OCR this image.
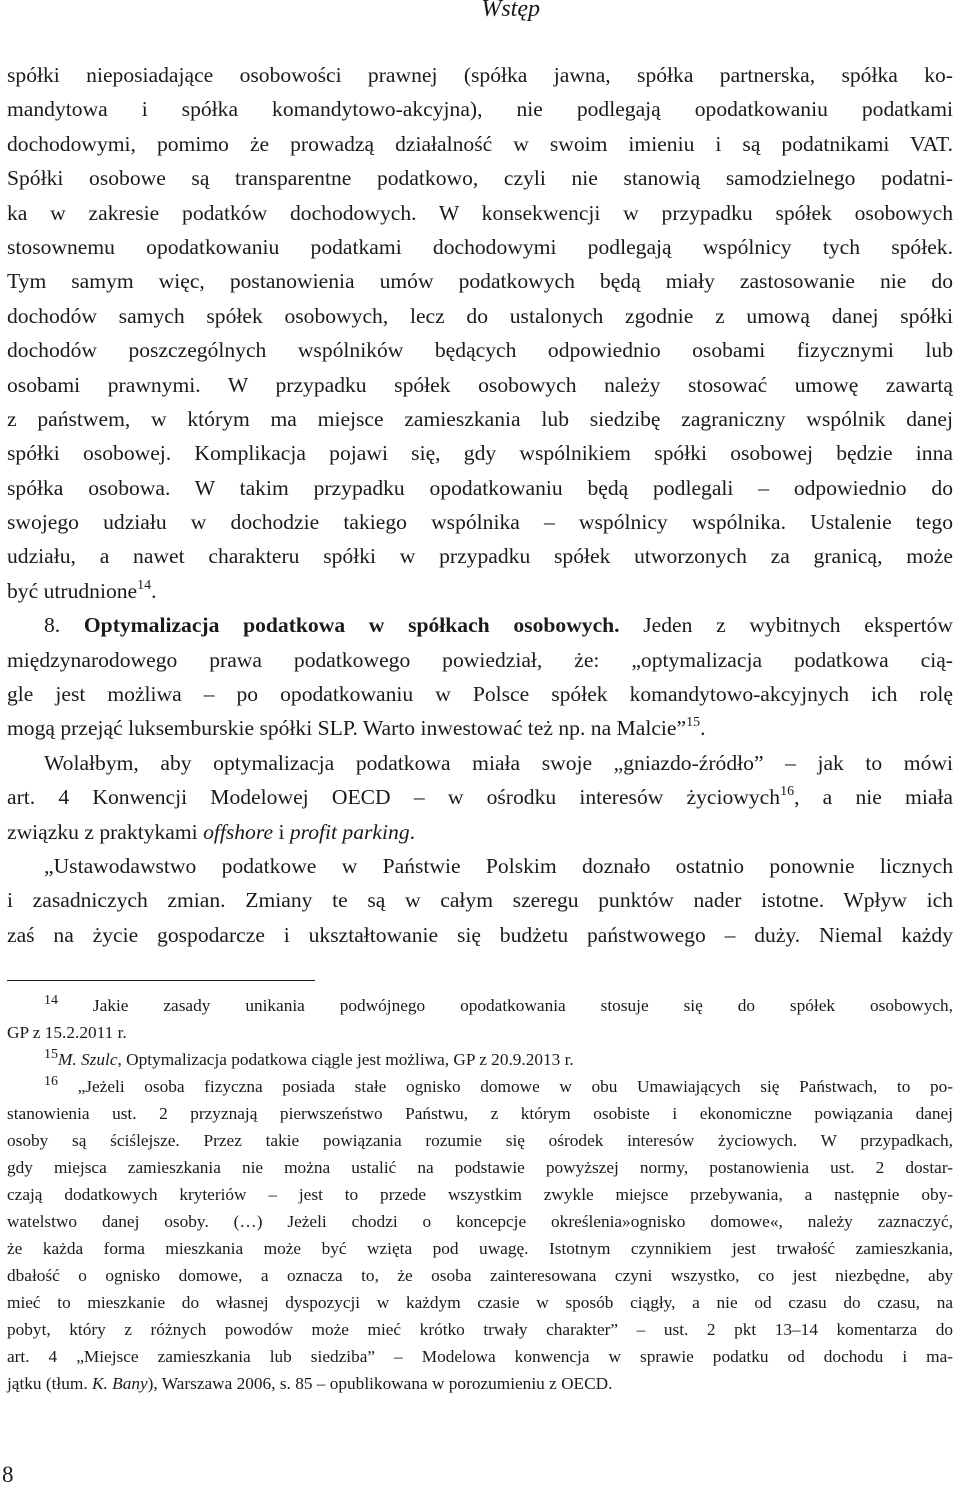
Wstęp
spółki nieposiadające osobowości prawnej (spółka jawna, spółka partnerska, spółka ko-
mandytowa i spółka komandytowo-akcyjna), nie podlegają opodatkowaniu podatkami
dochodowymi, pomimo że prowadzą działalność w swoim imieniu i są podatnikami VAT.
Spółki osobowe są transparentne podatkowo, czyli nie stanowią samodzielnego podatni-
ka w zakresie podatków dochodowych. W konsekwencji w przypadku spółek osobowych
stosownemu opodatkowaniu podatkami dochodowymi podlegają wspólnicy tych spółek.
Tym samym więc, postanowienia umów podatkowych będą miały zastosowanie nie do
dochodów samych spółek osobowych, lecz do ustalonych zgodnie z umową danej spółki
dochodów poszczególnych wspólników będących odpowiednio osobami fizycznymi lub
osobami prawnymi. W przypadku spółek osobowych należy stosować umowę zawartą
z państwem, w którym ma miejsce zamieszkania lub siedzibę zagraniczny wspólnik danej
spółki osobowej. Komplikacja pojawi się, gdy wspólnikiem spółki osobowej będzie inna
spółka osobowa. W takim przypadku opodatkowaniu będą podlegali – odpowiednio do
swojego udziału w dochodzie takiego wspólnika – wspólnicy wspólnika. Ustalenie tego
udziału, a nawet charakteru spółki w przypadku spółek utworzonych za granicą, może
być utrudnione$^{14}$.
8. Optymalizacja podatkowa w spółkach osobowych. Jeden z wybitnych ekspertów
międzynarodowego prawa podatkowego powiedział, że: „optymalizacja podatkowa cią-
gle jest możliwa – po opodatkowaniu w Polsce spółek komandytowo-akcyjnych ich rolę
mogą przejąć luksemburskie spółki SLP. Warto inwestować też np. na Malcie”$^{15}$.
Wolałbym, aby optymalizacja podatkowa miała swoje „gniazdo-źródło” – jak to mówi
art. 4 Konwencji Modelowej OECD – w ośrodku interesów życiowych$^{16}$, a nie miała
związku z praktykami offshore i profit parking.
„Ustawodawstwo podatkowe w Państwie Polskim doznało ostatnio ponownie licznych
i zasadniczych zmian. Zmiany te są w całym szeregu punktów nader istotne. Wpływ ich
zaś na życie gospodarcze i ukształtowanie się budżetu państwowego – duży. Niemal każdy
$^{14}$ Jakie zasady unikania podwójnego opodatkowania stosuje się do spółek osobowych,
GP z 15.2.2011 r.
$^{15}$M. Szulc, Optymalizacja podatkowa ciągle jest możliwa, GP z 20.9.2013 r.
$^{16}$ „Jeżeli osoba fizyczna posiada stałe ognisko domowe w obu Umawiających się Państwach, to po-
stanowienia ust. 2 przyznają pierwszeństwo Państwu, z którym osobiste i ekonomiczne powiązania danej
osoby są ściślejsze. Przez takie powiązania rozumie się ośrodek interesów życiowych. W przypadkach,
gdy miejsca zamieszkania nie można ustalić na podstawie powyższej normy, postanowienia ust. 2 dostar-
czają dodatkowych kryteriów – jest to przede wszystkim zwykle miejsce przebywania, a następnie oby-
watelstwo danej osoby. (…) Jeżeli chodzi o koncepcje określenia»ognisko domowe«, należy zaznaczyć,
że każda forma mieszkania może być wzięta pod uwagę. Istotnym czynnikiem jest trwałość zamieszkania,
dbałość o ognisko domowe, a oznacza to, że osoba zainteresowana czyni wszystko, co jest niezbędne, aby
mieć to mieszkanie do własnej dyspozycji w każdym czasie w sposób ciągły, a nie od czasu do czasu, na
pobyt, który z różnych powodów może mieć krótko trwały charakter” – ust. 2 pkt 13–14 komentarza do
art. 4 „Miejsce zamieszkania lub siedziba” – Modelowa konwencja w sprawie podatku od dochodu i ma-
jątku (tłum. K. Bany), Warszawa 2006, s. 85 – opublikowana w porozumieniu z OECD.
8
